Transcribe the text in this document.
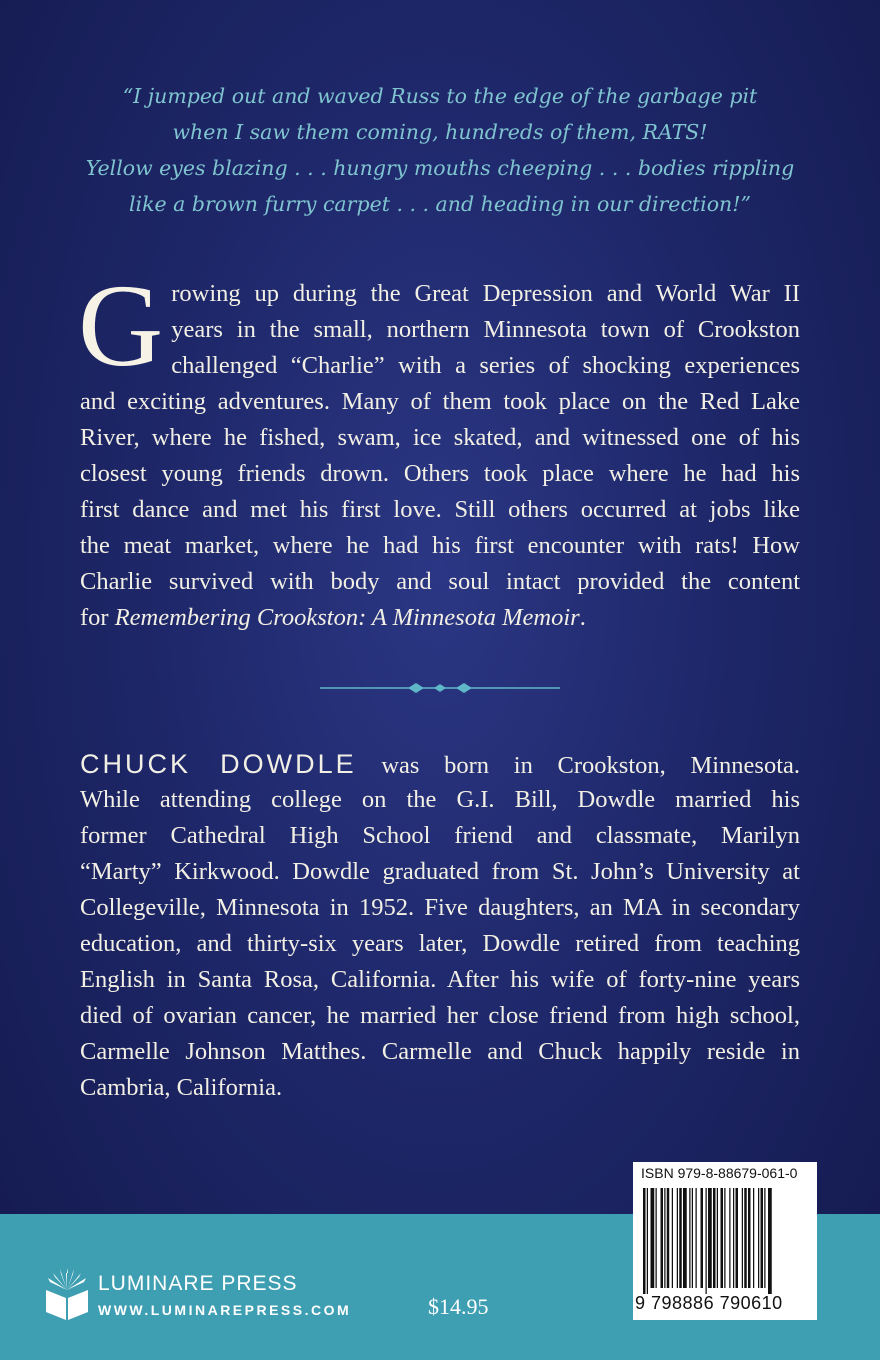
“I jumped out and waved Russ to the edge of the garbage pit
when I saw them coming, hundreds of them, RATS!
Yellow eyes blazing . . . hungry mouths cheeping . . . bodies rippling
like a brown furry carpet . . . and heading in our direction!”
G rowing up during the Great Depression and World War II
years in the small, northern Minnesota town of Crookston
challenged “Charlie” with a series of shocking experiences
and exciting adventures. Many of them took place on the Red Lake
River, where he fished, swam, ice skated, and witnessed one of his
closest young friends drown. Others took place where he had his
first dance and met his first love. Still others occurred at jobs like
the meat market, where he had his first encounter with rats! How
Charlie survived with body and soul intact provided the content
for Remembering Crookston: A Minnesota Memoir.
CHUCK DOWDLE was born in Crookston, Minnesota.
While attending college on the G.I. Bill, Dowdle married his
former Cathedral High School friend and classmate, Marilyn
“Marty” Kirkwood. Dowdle graduated from St. John’s University at
Collegeville, Minnesota in 1952. Five daughters, an MA in secondary
education, and thirty-six years later, Dowdle retired from teaching
English in Santa Rosa, California. After his wife of forty-nine years
died of ovarian cancer, he married her close friend from high school,
Carmelle Johnson Matthes. Carmelle and Chuck happily reside in
Cambria, California.
LUMINARE PRESS
WWW.LUMINAREPRESS.COM	$14.95
ISBN 979-8-88679-061-0
9 798886 790610
